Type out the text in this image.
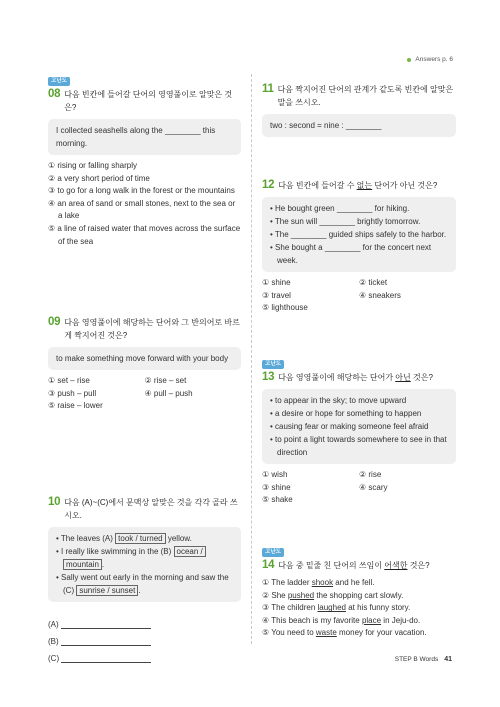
Answers p. 6
고난도
08 다음 빈칸에 들어갈 단어의 영영풀이로 알맞은 것은?
I collected seashells along the ________ this morning.
① rising or falling sharply
② a very short period of time
③ to go for a long walk in the forest or the mountains
④ an area of sand or small stones, next to the sea or a lake
⑤ a line of raised water that moves across the surface of the sea
09 다음 영영풀이에 해당하는 단어와 그 반의어로 바르게 짝지어진 것은?
to make something move forward with your body
① set – rise	② rise – set
③ push – pull	④ pull – push
⑤ raise – lower
10 다음 (A)~(C)에서 문맥상 알맞은 것을 각각 골라 쓰시오.
• The leaves (A) took / turned yellow.
• I really like swimming in the (B) ocean / mountain .
• Sally went out early in the morning and saw the (C) sunrise / sunset .
(A)
(B)
(C)
11 다음 짝지어진 단어의 관계가 같도록 빈칸에 알맞은 말을 쓰시오.
two : second = nine : ________
12 다음 빈칸에 들어갈 수 없는 단어가 아닌 것은?
• He bought green ________ for hiking.
• The sun will ________ brightly tomorrow.
• The ________ guided ships safely to the harbor.
• She bought a ________ for the concert next week.
① shine	② ticket
③ travel	④ sneakers
⑤ lighthouse
고난도
13 다음 영영풀이에 해당하는 단어가 아닌 것은?
• to appear in the sky; to move upward
• a desire or hope for something to happen
• causing fear or making someone feel afraid
• to point a light towards somewhere to see in that direction
① wish	② rise
③ shine	④ scary
⑤ shake
고난도
14 다음 중 밑줄 친 단어의 쓰임이 어색한 것은?
① The ladder shook and he fell.
② She pushed the shopping cart slowly.
③ The children laughed at his funny story.
④ This beach is my favorite place in Jeju-do.
⑤ You need to waste money for your vacation.
STEP B Words 41
